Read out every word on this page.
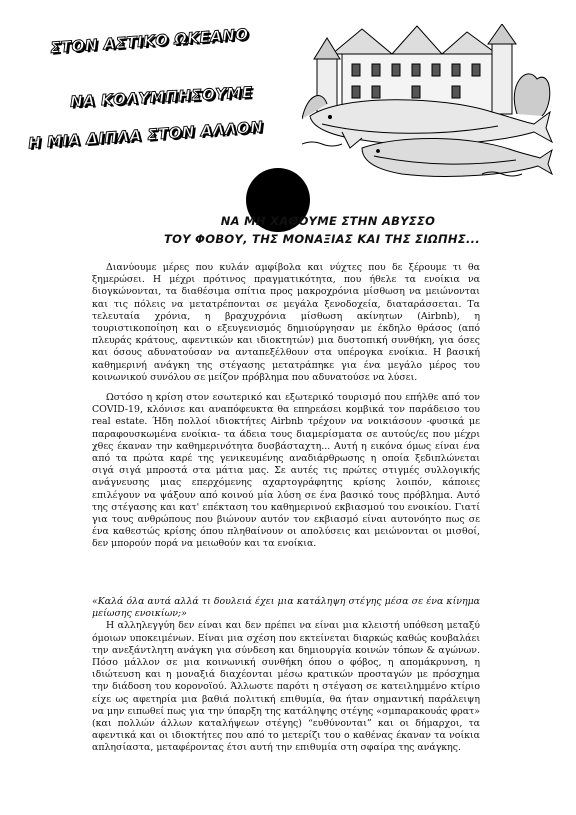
ΣΤΟΝ ΑΣΤΙΚΟ ΩΚΕΑΝΟ
ΝΑ ΚΟΛΥΜΠΗΣΟΥΜΕ
Η ΜΙΑ ΔΙΠΛΑ ΣΤΟΝ ΑΛΛΟΝ
ΝΑ ΜΗ ΧΑΘΟΥΜΕ ΣΤΗΝ ΑΒΥΣΣΟ
ΤΟΥ ΦΟΒΟΥ, ΤΗΣ ΜΟΝΑΞΙΑΣ ΚΑΙ ΤΗΣ ΣΙΩΠΗΣ...
Διανύουμε μέρες που κυλάν αμφίβολα και νύχτες που δε ξέρουμε τι θα ξημερώσει. Η μέχρι πρότινος πραγματικότητα, που ήθελε τα ενοίκια να διογκώνονται, τα διαθέσιμα σπίτια προς μακροχρόνια μίσθωση να μειώνονται και τις πόλεις να μετατρέπονται σε μεγάλα ξενοδοχεία, διαταράσσεται. Τα τελευταία χρόνια, η βραχυχρόνια μίσθωση ακίνητων (Airbnb), η τουριστικοποίηση και ο εξευγενισμός δημιούργησαν με έκδηλο θράσος (από πλευράς κράτους, αφεντικών και ιδιοκτητών) μια δυστοπική συνθήκη, για όσες και όσους αδυνατούσαν να ανταπεξέλθουν στα υπέρογκα ενοίκια. Η βασική καθημερινή ανάγκη της στέγασης μετατράπηκε για ένα μεγάλο μέρος του κοινωνικού συνόλου σε μείζον πρόβλημα που αδυνατούσε να λύσει.
Ωστόσο η κρίση στον εσωτερικό και εξωτερικό τουρισμό που επήλθε από τον COVID-19, κλόνισε και αναπόφευκτα θα επηρεάσει κομβικά τον παράδεισο του real estate. Ήδη πολλοί ιδιοκτήτες Airbnb τρέχουν να νοικιάσουν -φυσικά με παραφουσκωμένα ενοίκια- τα άδεια τους διαμερίσματα σε αυτούς/ες που μέχρι χθες έκαναν την καθημερινότητα δυσβάσταχτη... Αυτή η εικόνα όμως είναι ένα από τα πρώτα καρέ της γενικευμένης αναδιάρθρωσης η οποία ξεδιπλώνεται σιγά σιγά μπροστά στα μάτια μας. Σε αυτές τις πρώτες στιγμές συλλογικής ανάγνευσης μιας επερχόμενης αχαρτογράφητης κρίσης λοιπόν, κάποιες επιλέγουν να ψάξουν από κοινού μία λύση σε ένα βασικό τους πρόβλημα. Αυτό της στέγασης και κατ' επέκταση του καθημερινού εκβιασμού του ενοικίου. Γιατί για τους ανθρώπους που βιώνουν αυτόν τον εκβιασμό είναι αυτονόητο πως σε ένα καθεστώς κρίσης όπου πληθαίνουν οι απολύσεις και μειώνονται οι μισθοί, δεν μπορούν πορά να μειωθούν και τα ενοίκια.
«Καλά όλα αυτά αλλά τι δουλειά έχει μια κατάληψη στέγης μέσα σε ένα κίνημα μείωσης ενοικίων;»
Η αλληλεγγύη δεν είναι και δεν πρέπει να είναι μια κλειστή υπόθεση μεταξύ όμοιων υποκειμένων. Είναι μια σχέση που εκτείνεται διαρκώς καθώς κουβαλάει την ανεξάντλητη ανάγκη για σύνδεση και δημιουργία κοινών τόπων & αγώνων. Πόσο μάλλον σε μια κοινωνική συνθήκη όπου ο φόβος, η απομάκρυνση, η ιδιώτευση και η μοναξιά διαχέονται μέσω κρατικών προσταγών με πρόσχημα την διάδοση του κορονοϊού. Άλλωστε παρότι η στέγαση σε κατειλημμένο κτίριο είχε ως αφετηρία μια βαθιά πολιτική επιθυμία, θα ήταν σημαντική παράλειψη να μην ειπωθεί πως για την ύπαρξη της κατάληψης στέγης «σμπαρακουάς φρατ» (και πολλών άλλων καταλήψεων στέγης) “ευθύνονται” και οι δήμαρχοι, τα αφεντικά και οι ιδιοκτήτες που από το μετερίζι του ο καθένας έκαναν τα νοίκια απλησίαστα, μεταφέροντας έτσι αυτή την επιθυμία στη σφαίρα της ανάγκης.
